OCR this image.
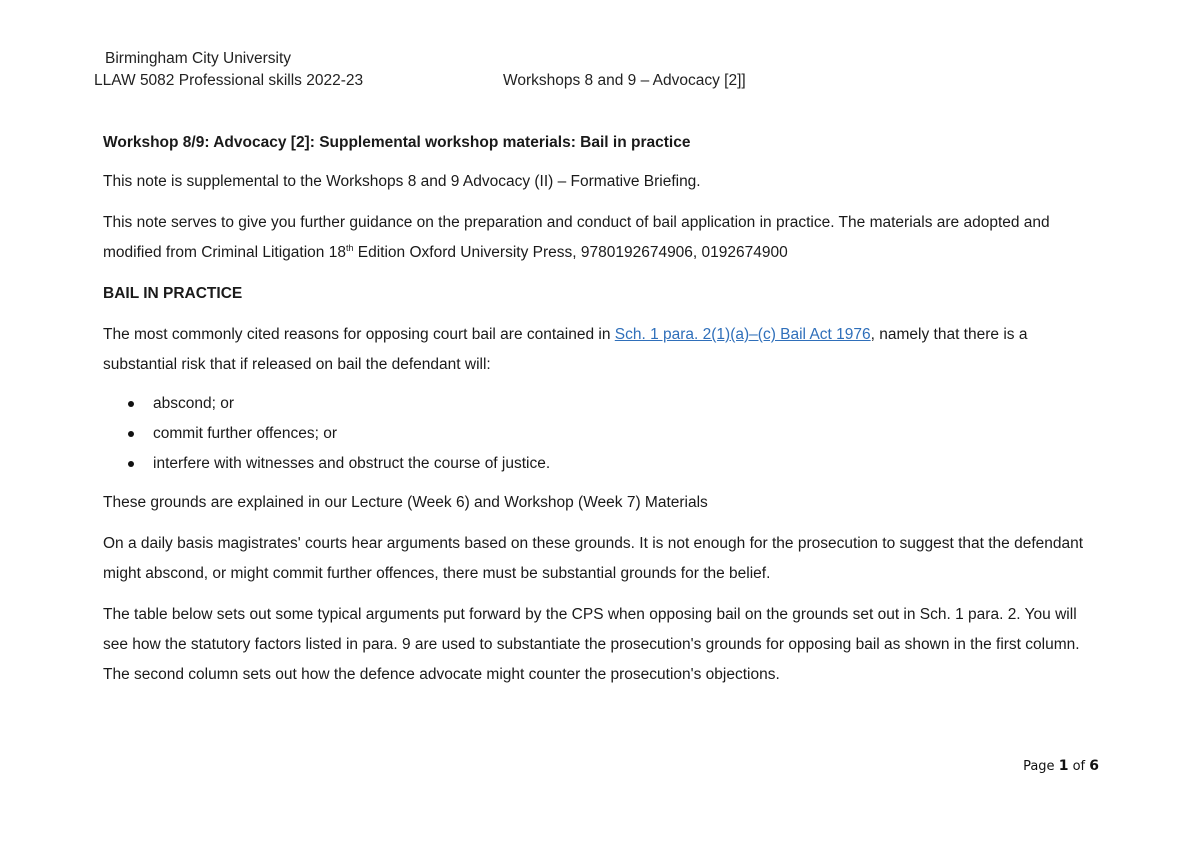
Birmingham City University
LLAW 5082 Professional skills 2022-23	Workshops 8 and 9 – Advocacy [2]]

Workshop 8/9: Advocacy [2]: Supplemental workshop materials: Bail in practice

This note is supplemental to the Workshops 8 and 9 Advocacy (II) – Formative Briefing.

This note serves to give you further guidance on the preparation and conduct of bail application in practice. The materials are adopted and modified from Criminal Litigation 18th Edition Oxford University Press, 9780192674906, 0192674900

BAIL IN PRACTICE

The most commonly cited reasons for opposing court bail are contained in Sch. 1 para. 2(1)(a)–(c) Bail Act 1976, namely that there is a substantial risk that if released on bail the defendant will:

abscond; or
commit further offences; or
interfere with witnesses and obstruct the course of justice.

These grounds are explained in our Lecture (Week 6) and Workshop (Week 7) Materials

On a daily basis magistrates' courts hear arguments based on these grounds. It is not enough for the prosecution to suggest that the defendant might abscond, or might commit further offences, there must be substantial grounds for the belief.

The table below sets out some typical arguments put forward by the CPS when opposing bail on the grounds set out in Sch. 1 para. 2. You will see how the statutory factors listed in para. 9 are used to substantiate the prosecution's grounds for opposing bail as shown in the first column. The second column sets out how the defence advocate might counter the prosecution's objections.

Page 1 of 6
